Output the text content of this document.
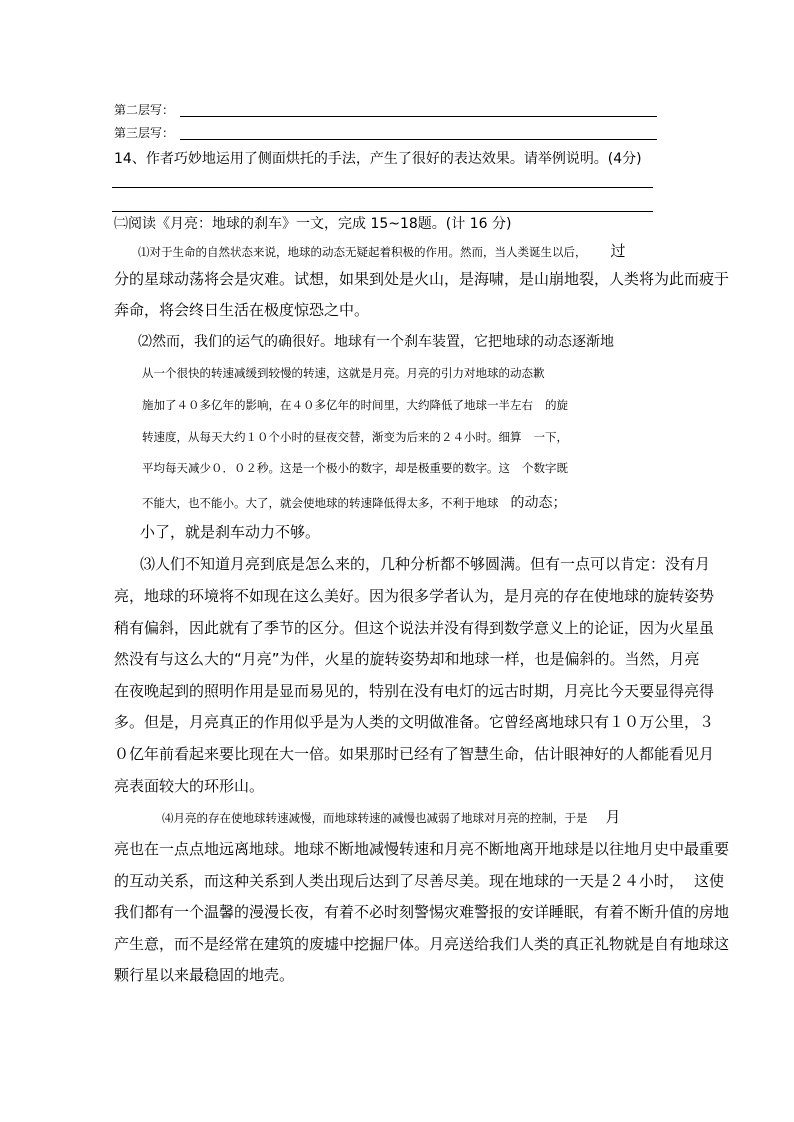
第二层写：
第三层写：
14、作者巧妙地运用了侧面烘托的手法，产生了很好的表达效果。请举例说明。(4分)
㈡阅读《月亮：地球的刹车》一文，完成 15~18题。(计 16 分)
⑴对于生命的自然状态来说，地球的动态无疑起着积极的作用。然而，当人类诞生以后， 过
分的星球动荡将会是灾难。试想，如果到处是火山，是海啸，是山崩地裂，人类将为此而疲于
奔命，将会终日生活在极度惊恐之中。
⑵然而，我们的运气的确很好。地球有一个刹车装置，它把地球的动态逐渐地
从一个很快的转速减缓到较慢的转速，这就是月亮。月亮的引力对地球的动态歉
施加了４０多亿年的影响，在４０多亿年的时间里，大约降低了地球一半左右 的旋
转速度，从每天大约１０个小时的昼夜交替，渐变为后来的２４小时。细算 一下，
平均每天减少０．０２秒。这是一个极小的数字，却是极重要的数字。这 个数字既
不能大，也不能小。大了，就会使地球的转速降低得太多，不利于地球 的动态；
小了，就是刹车动力不够。
⑶人们不知道月亮到底是怎么来的，几种分析都不够圆满。但有一点可以肯定：没有月
亮，地球的环境将不如现在这么美好。因为很多学者认为，是月亮的存在使地球的旋转姿势
稍有偏斜，因此就有了季节的区分。但这个说法并没有得到数学意义上的论证，因为火星虽
然没有与这么大的“月亮”为伴，火星的旋转姿势却和地球一样，也是偏斜的。当然，月亮
在夜晚起到的照明作用是显而易见的，特别在没有电灯的远古时期，月亮比今天要显得亮得
多。但是，月亮真正的作用似乎是为人类的文明做准备。它曾经离地球只有１０万公里，３
０亿年前看起来要比现在大一倍。如果那时已经有了智慧生命，估计眼神好的人都能看见月
亮表面较大的环形山。
⑷月亮的存在使地球转速减慢，而地球转速的减慢也减弱了地球对月亮的控制，于是 月
亮也在一点点地远离地球。地球不断地减慢转速和月亮不断地离开地球是以往地月史中最重要
的互动关系，而这种关系到人类出现后达到了尽善尽美。现在地球的一天是２４小时， 这使
我们都有一个温馨的漫漫长夜，有着不必时刻警惕灾难警报的安详睡眠，有着不断升值的房地
产生意，而不是经常在建筑的废墟中挖掘尸体。月亮送给我们人类的真正礼物就是自有地球这
颗行星以来最稳固的地壳。
